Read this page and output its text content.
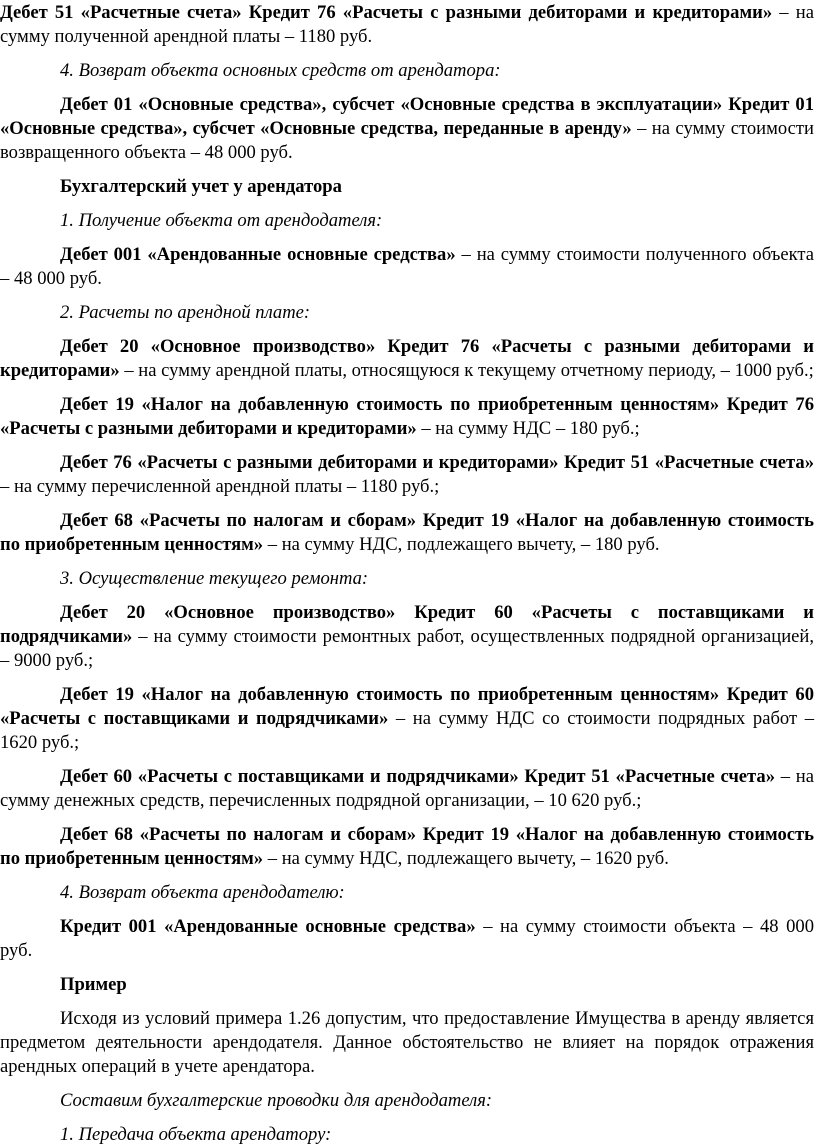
Дебет 51 «Расчетные счета» Кредит 76 «Расчеты с разными дебиторами и кредиторами» – на сумму полученной арендной платы – 1180 руб.

4. Возврат объекта основных средств от арендатора:

Дебет 01 «Основные средства», субсчет «Основные средства в эксплуатации» Кредит 01 «Основные средства», субсчет «Основные средства, переданные в аренду» – на сумму стоимости возвращенного объекта – 48 000 руб.

Бухгалтерский учет у арендатора

1. Получение объекта от арендодателя:

Дебет 001 «Арендованные основные средства» – на сумму стоимости полученного объекта – 48 000 руб.

2. Расчеты по арендной плате:

Дебет 20 «Основное производство» Кредит 76 «Расчеты с разными дебиторами и кредиторами» – на сумму арендной платы, относящуюся к текущему отчетному периоду, – 1000 руб.;

Дебет 19 «Налог на добавленную стоимость по приобретенным ценностям» Кредит 76 «Расчеты с разными дебиторами и кредиторами» – на сумму НДС – 180 руб.;

Дебет 76 «Расчеты с разными дебиторами и кредиторами» Кредит 51 «Расчетные счета» – на сумму перечисленной арендной платы – 1180 руб.;

Дебет 68 «Расчеты по налогам и сборам» Кредит 19 «Налог на добавленную стоимость по приобретенным ценностям» – на сумму НДС, подлежащего вычету, – 180 руб.

3. Осуществление текущего ремонта:

Дебет 20 «Основное производство» Кредит 60 «Расчеты с поставщиками и подрядчиками» – на сумму стоимости ремонтных работ, осуществленных подрядной организацией, – 9000 руб.;

Дебет 19 «Налог на добавленную стоимость по приобретенным ценностям» Кредит 60 «Расчеты с поставщиками и подрядчиками» – на сумму НДС со стоимости подрядных работ – 1620 руб.;

Дебет 60 «Расчеты с поставщиками и подрядчиками» Кредит 51 «Расчетные счета» – на сумму денежных средств, перечисленных подрядной организации, – 10 620 руб.;

Дебет 68 «Расчеты по налогам и сборам» Кредит 19 «Налог на добавленную стоимость по приобретенным ценностям» – на сумму НДС, подлежащего вычету, – 1620 руб.

4. Возврат объекта арендодателю:

Кредит 001 «Арендованные основные средства» – на сумму стоимости объекта – 48 000 руб.

Пример

Исходя из условий примера 1.26 допустим, что предоставление Имущества в аренду является предметом деятельности арендодателя. Данное обстоятельство не влияет на порядок отражения арендных операций в учете арендатора.

Составим бухгалтерские проводки для арендодателя:

1. Передача объекта арендатору:
